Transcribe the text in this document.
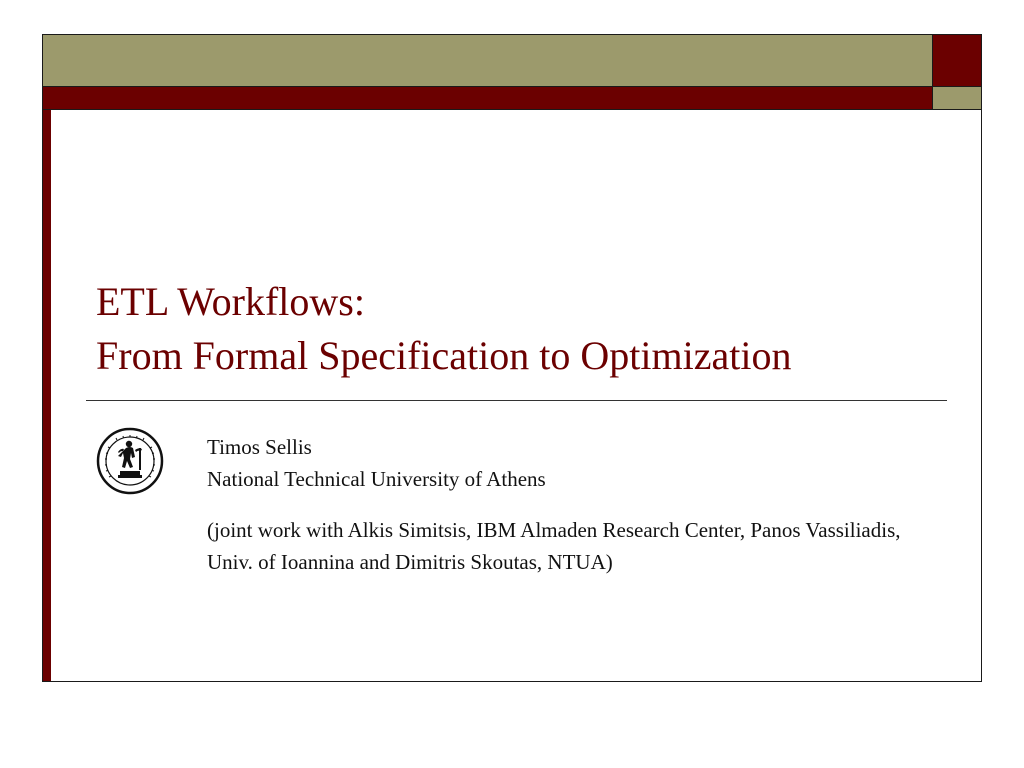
ETL Workflows:
From Formal Specification to Optimization
Timos Sellis
National Technical University of Athens
(joint work with Alkis Simitsis, IBM Almaden Research Center, Panos Vassiliadis, Univ. of Ioannina and Dimitris Skoutas, NTUA)
